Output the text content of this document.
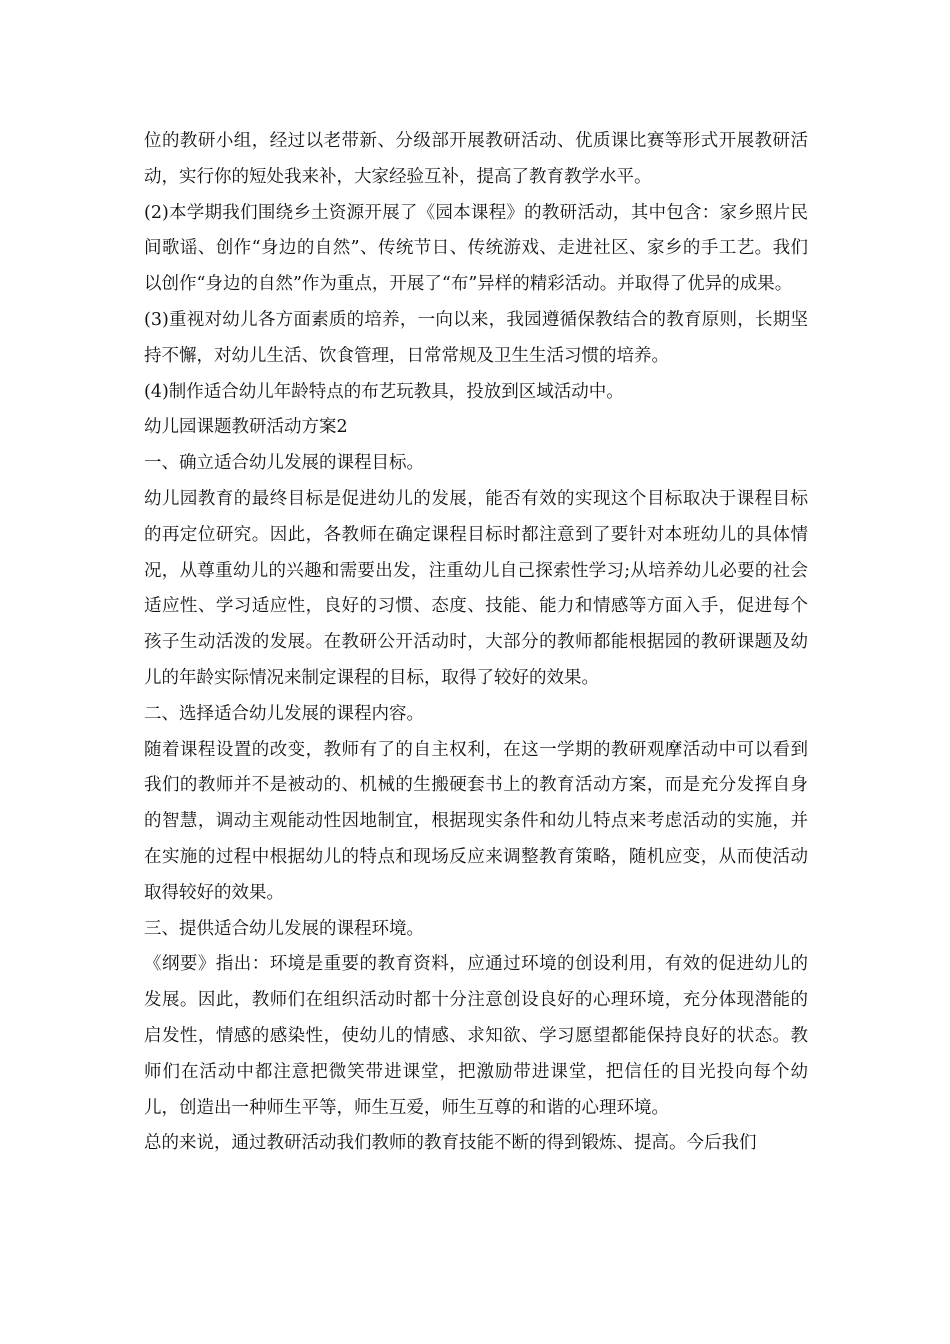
位的教研小组，经过以老带新、分级部开展教研活动、优质课比赛等形式开展教研活动，实行你的短处我来补，大家经验互补，提高了教育教学水平。

(2)本学期我们围绕乡土资源开展了《园本课程》的教研活动，其中包含：家乡照片民间歌谣、创作“身边的自然”、传统节日、传统游戏、走进社区、家乡的手工艺。我们以创作“身边的自然”作为重点，开展了“布”异样的精彩活动。并取得了优异的成果。

(3)重视对幼儿各方面素质的培养，一向以来，我园遵循保教结合的教育原则，长期坚持不懈，对幼儿生活、饮食管理，日常常规及卫生生活习惯的培养。

(4)制作适合幼儿年龄特点的布艺玩教具，投放到区域活动中。

幼儿园课题教研活动方案2

一、确立适合幼儿发展的课程目标。

幼儿园教育的最终目标是促进幼儿的发展，能否有效的实现这个目标取决于课程目标的再定位研究。因此，各教师在确定课程目标时都注意到了要针对本班幼儿的具体情况，从尊重幼儿的兴趣和需要出发，注重幼儿自己探索性学习;从培养幼儿必要的社会适应性、学习适应性，良好的习惯、态度、技能、能力和情感等方面入手，促进每个孩子生动活泼的发展。在教研公开活动时，大部分的教师都能根据园的教研课题及幼儿的年龄实际情况来制定课程的目标，取得了较好的效果。

二、选择适合幼儿发展的课程内容。

随着课程设置的改变，教师有了的自主权利，在这一学期的教研观摩活动中可以看到我们的教师并不是被动的、机械的生搬硬套书上的教育活动方案，而是充分发挥自身的智慧，调动主观能动性因地制宜，根据现实条件和幼儿特点来考虑活动的实施，并在实施的过程中根据幼儿的特点和现场反应来调整教育策略，随机应变，从而使活动取得较好的效果。

三、提供适合幼儿发展的课程环境。

《纲要》指出：环境是重要的教育资料，应通过环境的创设利用，有效的促进幼儿的发展。因此，教师们在组织活动时都十分注意创设良好的心理环境，充分体现潜能的启发性，情感的感染性，使幼儿的情感、求知欲、学习愿望都能保持良好的状态。教师们在活动中都注意把微笑带进课堂，把激励带进课堂，把信任的目光投向每个幼儿，创造出一种师生平等，师生互爱，师生互尊的和谐的心理环境。

总的来说，通过教研活动我们教师的教育技能不断的得到锻炼、提高。今后我们
